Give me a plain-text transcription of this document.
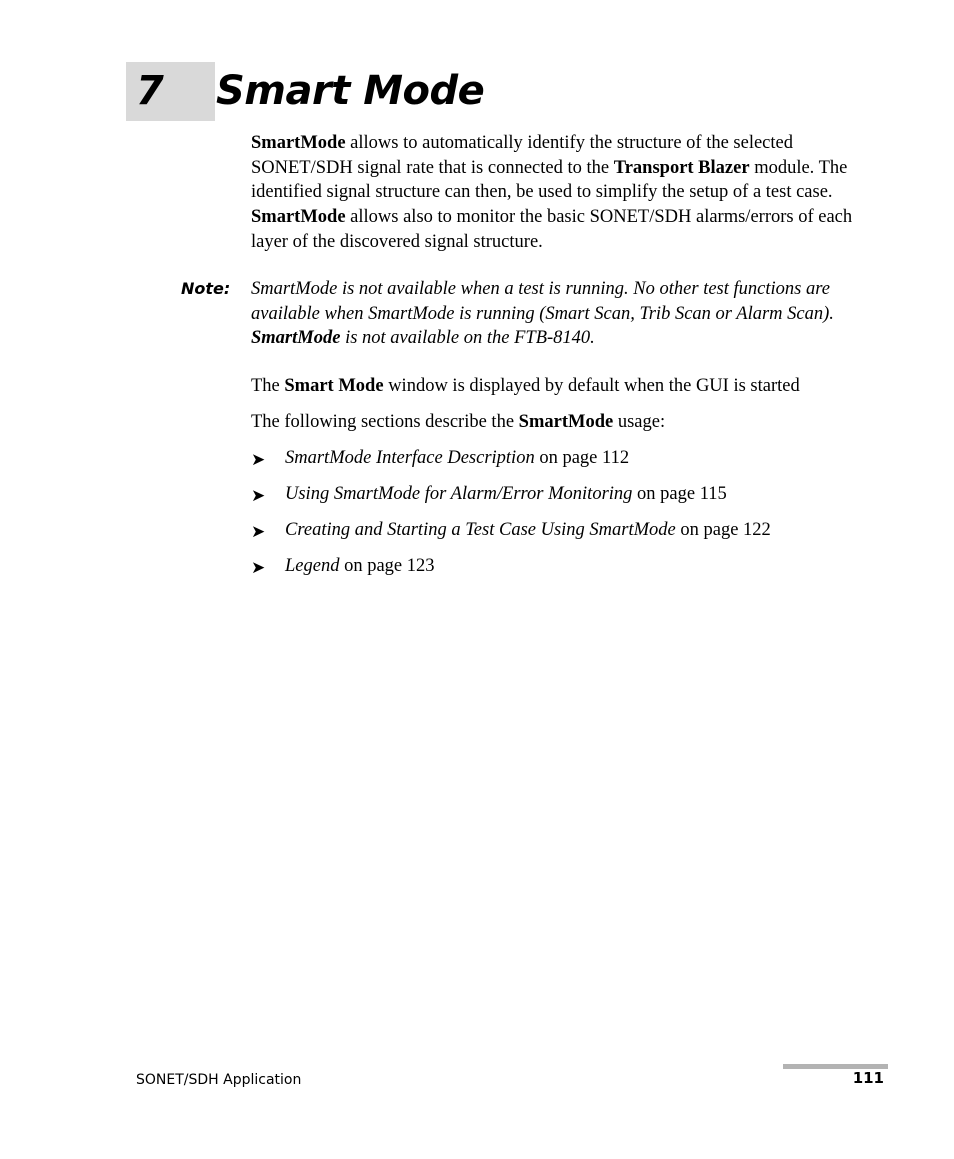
7 Smart Mode

SmartMode allows to automatically identify the structure of the selected SONET/SDH signal rate that is connected to the Transport Blazer module. The identified signal structure can then, be used to simplify the setup of a test case. SmartMode allows also to monitor the basic SONET/SDH alarms/errors of each layer of the discovered signal structure.

Note: SmartMode is not available when a test is running. No other test functions are available when SmartMode is running (Smart Scan, Trib Scan or Alarm Scan). SmartMode is not available on the FTB-8140.

The Smart Mode window is displayed by default when the GUI is started

The following sections describe the SmartMode usage:

➤ SmartMode Interface Description on page 112
➤ Using SmartMode for Alarm/Error Monitoring on page 115
➤ Creating and Starting a Test Case Using SmartMode on page 122
➤ Legend on page 123
SONET/SDH Application	111
